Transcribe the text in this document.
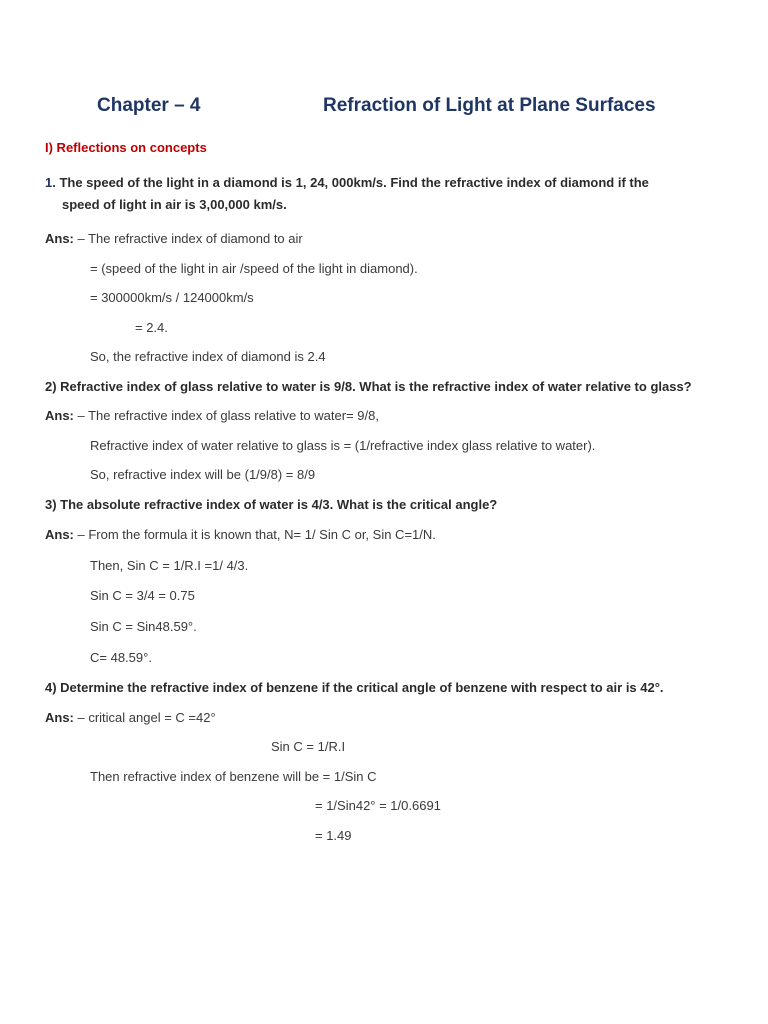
Chapter – 4	Refraction of Light at Plane Surfaces
I) Reflections on concepts
1. The speed of the light in a diamond is 1, 24, 000km/s. Find the refractive index of diamond if the
speed of light in air is 3,00,000 km/s.
Ans: – The refractive index of diamond to air
= (speed of the light in air /speed of the light in diamond).
= 300000km/s / 124000km/s
= 2.4.
So, the refractive index of diamond is 2.4
2) Refractive index of glass relative to water is 9/8. What is the refractive index of water relative to glass?
Ans: – The refractive index of glass relative to water= 9/8,
Refractive index of water relative to glass is = (1/refractive index glass relative to water).
So, refractive index will be (1/9/8) = 8/9
3) The absolute refractive index of water is 4/3. What is the critical angle?
Ans: – From the formula it is known that, N= 1/ Sin C or, Sin C=1/N.
Then, Sin C = 1/R.I =1/ 4/3.
Sin C = 3/4 = 0.75
Sin C = Sin48.59°.
C= 48.59°.
4) Determine the refractive index of benzene if the critical angle of benzene with respect to air is 42°.
Ans: – critical angel = C =42°
Sin C = 1/R.I
Then refractive index of benzene will be = 1/Sin C
= 1/Sin42° = 1/0.6691
= 1.49
